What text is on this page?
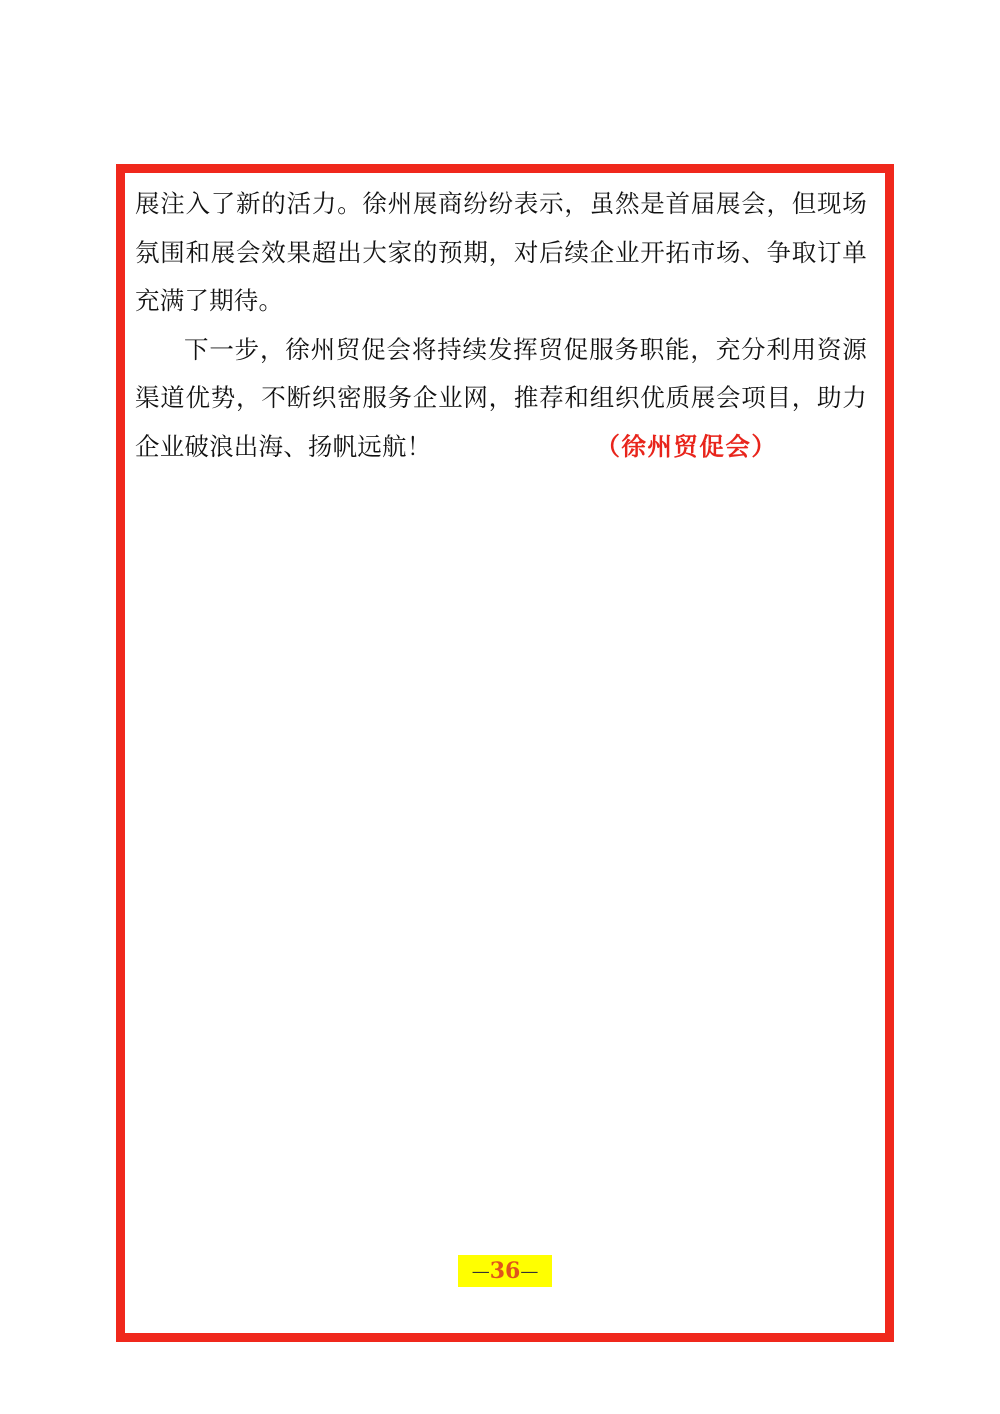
展注入了新的活力。徐州展商纷纷表示，虽然是首届展会，但现场氛围和展会效果超出大家的预期，对后续企业开拓市场、争取订单充满了期待。

下一步，徐州贸促会将持续发挥贸促服务职能，充分利用资源渠道优势，不断织密服务企业网，推荐和组织优质展会项目，助力企业破浪出海、扬帆远航！	（徐州贸促会）

— 36 —
